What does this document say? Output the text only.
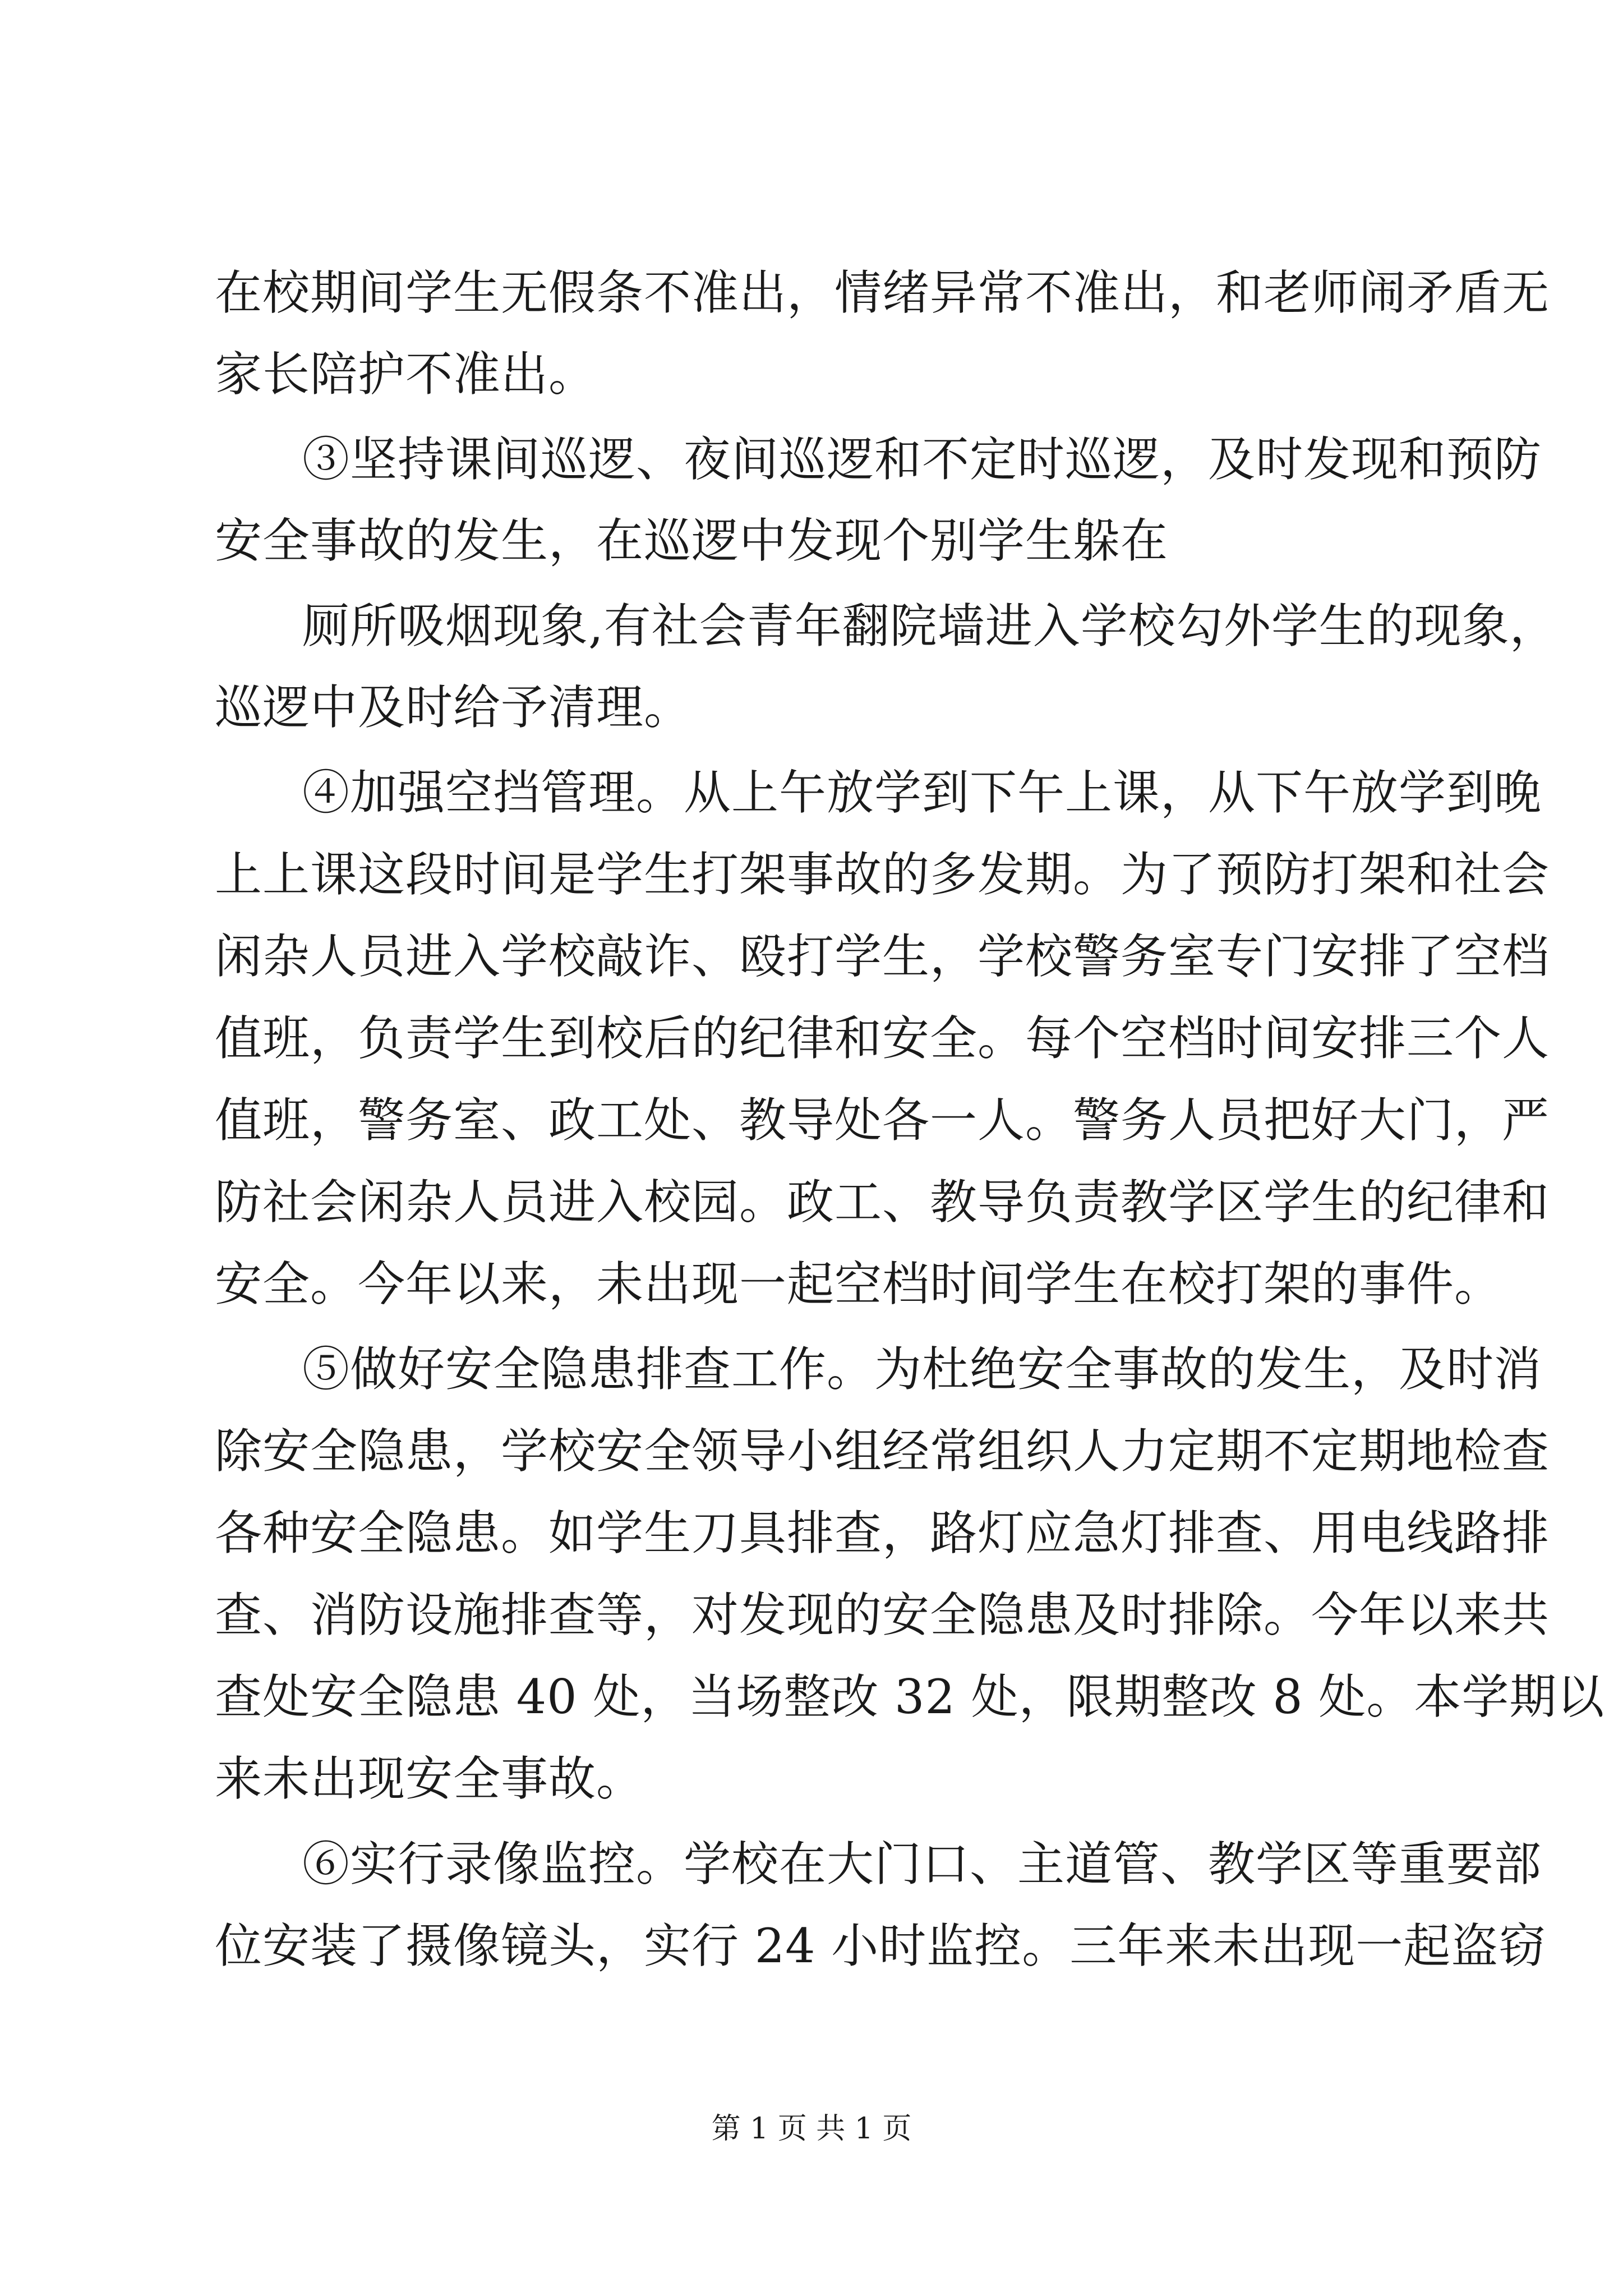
在校期间学生无假条不准出，情绪异常不准出，和老师闹矛盾无
家长陪护不准出。
③坚持课间巡逻、夜间巡逻和不定时巡逻，及时发现和预防
安全事故的发生，在巡逻中发现个别学生躲在
厕所吸烟现象,有社会青年翻院墙进入学校勾外学生的现象，
巡逻中及时给予清理。
④加强空挡管理。从上午放学到下午上课，从下午放学到晚
上上课这段时间是学生打架事故的多发期。为了预防打架和社会
闲杂人员进入学校敲诈、殴打学生，学校警务室专门安排了空档
值班，负责学生到校后的纪律和安全。每个空档时间安排三个人
值班，警务室、政工处、教导处各一人。警务人员把好大门，严
防社会闲杂人员进入校园。政工、教导负责教学区学生的纪律和
安全。今年以来，未出现一起空档时间学生在校打架的事件。
⑤做好安全隐患排查工作。为杜绝安全事故的发生，及时消
除安全隐患，学校安全领导小组经常组织人力定期不定期地检查
各种安全隐患。如学生刀具排查，路灯应急灯排查、用电线路排
查、消防设施排查等，对发现的安全隐患及时排除。今年以来共
查处安全隐患 40 处，当场整改 32 处，限期整改 8 处。本学期以
来未出现安全事故。
⑥实行录像监控。学校在大门口、主道管、教学区等重要部
位安装了摄像镜头，实行 24 小时监控。三年来未出现一起盗窃
第 1 页 共 1 页
